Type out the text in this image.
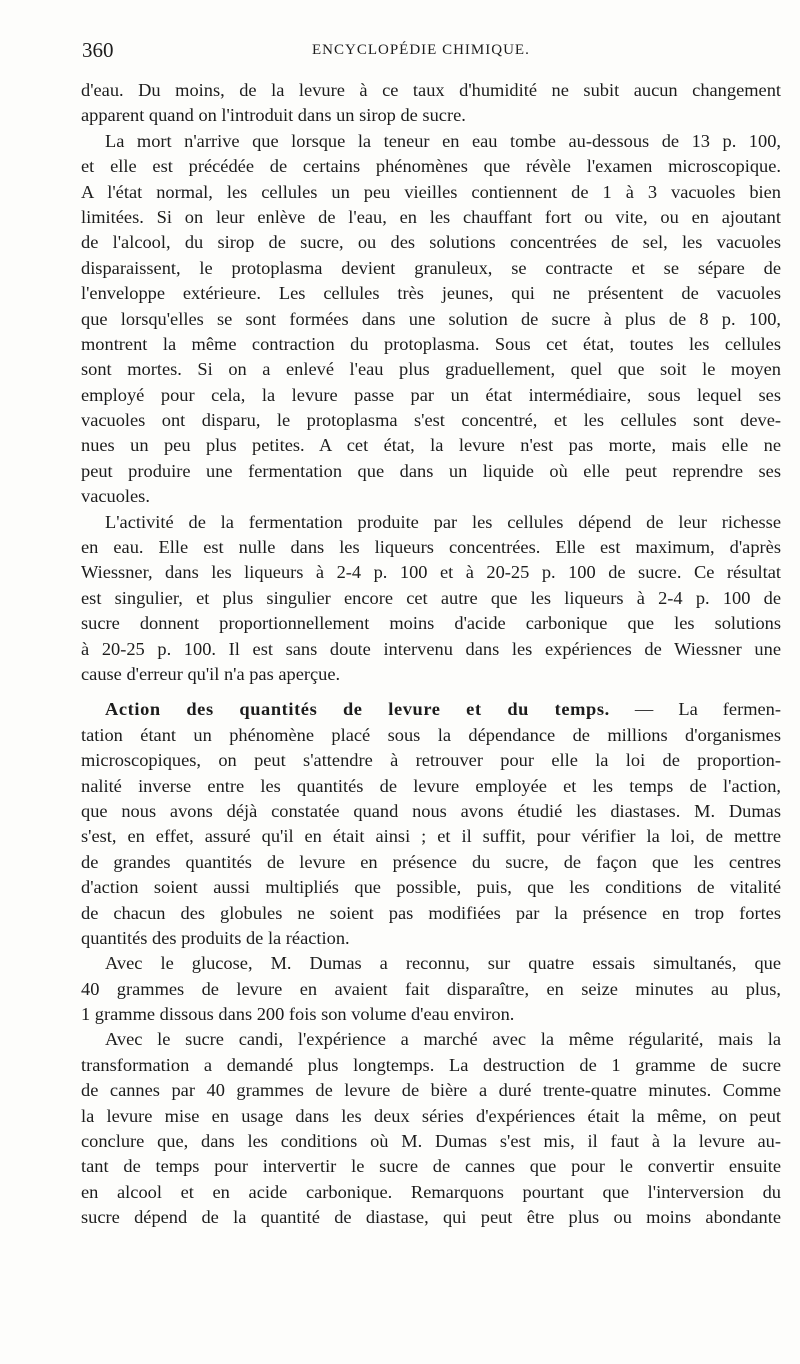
360	ENCYCLOPÉDIE CHIMIQUE.
d'eau. Du moins, de la levure à ce taux d'humidité ne subit aucun changement
apparent quand on l'introduit dans un sirop de sucre.
La mort n'arrive que lorsque la teneur en eau tombe au-dessous de 13 p. 100,
et elle est précédée de certains phénomènes que révèle l'examen microscopique.
A l'état normal, les cellules un peu vieilles contiennent de 1 à 3 vacuoles bien
limitées. Si on leur enlève de l'eau, en les chauffant fort ou vite, ou en ajoutant
de l'alcool, du sirop de sucre, ou des solutions concentrées de sel, les vacuoles
disparaissent, le protoplasma devient granuleux, se contracte et se sépare de
l'enveloppe extérieure. Les cellules très jeunes, qui ne présentent de vacuoles
que lorsqu'elles se sont formées dans une solution de sucre à plus de 8 p. 100,
montrent la même contraction du protoplasma. Sous cet état, toutes les cellules
sont mortes. Si on a enlevé l'eau plus graduellement, quel que soit le moyen
employé pour cela, la levure passe par un état intermédiaire, sous lequel ses
vacuoles ont disparu, le protoplasma s'est concentré, et les cellules sont deve-
nues un peu plus petites. A cet état, la levure n'est pas morte, mais elle ne
peut produire une fermentation que dans un liquide où elle peut reprendre ses
vacuoles.
L'activité de la fermentation produite par les cellules dépend de leur richesse
en eau. Elle est nulle dans les liqueurs concentrées. Elle est maximum, d'après
Wiessner, dans les liqueurs à 2-4 p. 100 et à 20-25 p. 100 de sucre. Ce résultat
est singulier, et plus singulier encore cet autre que les liqueurs à 2-4 p. 100 de
sucre donnent proportionnellement moins d'acide carbonique que les solutions
à 20-25 p. 100. Il est sans doute intervenu dans les expériences de Wiessner une
cause d'erreur qu'il n'a pas aperçue.
Action des quantités de levure et du temps. — La fermen-
tation étant un phénomène placé sous la dépendance de millions d'organismes
microscopiques, on peut s'attendre à retrouver pour elle la loi de proportion-
nalité inverse entre les quantités de levure employée et les temps de l'action,
que nous avons déjà constatée quand nous avons étudié les diastases. M. Dumas
s'est, en effet, assuré qu'il en était ainsi ; et il suffit, pour vérifier la loi, de mettre
de grandes quantités de levure en présence du sucre, de façon que les centres
d'action soient aussi multipliés que possible, puis, que les conditions de vitalité
de chacun des globules ne soient pas modifiées par la présence en trop fortes
quantités des produits de la réaction.
Avec le glucose, M. Dumas a reconnu, sur quatre essais simultanés, que
40 grammes de levure en avaient fait disparaître, en seize minutes au plus,
1 gramme dissous dans 200 fois son volume d'eau environ.
Avec le sucre candi, l'expérience a marché avec la même régularité, mais la
transformation a demandé plus longtemps. La destruction de 1 gramme de sucre
de cannes par 40 grammes de levure de bière a duré trente-quatre minutes. Comme
la levure mise en usage dans les deux séries d'expériences était la même, on peut
conclure que, dans les conditions où M. Dumas s'est mis, il faut à la levure au-
tant de temps pour intervertir le sucre de cannes que pour le convertir ensuite
en alcool et en acide carbonique. Remarquons pourtant que l'interversion du
sucre dépend de la quantité de diastase, qui peut être plus ou moins abondante
